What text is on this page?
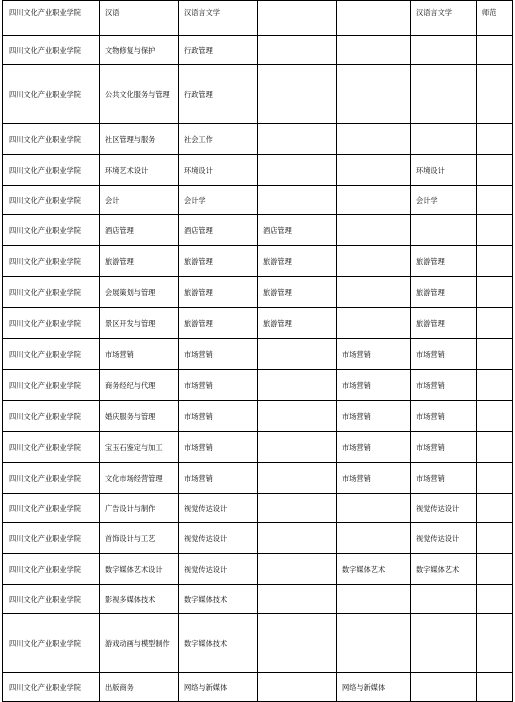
四川文化产业职业学院	汉语	汉语言文学			汉语言文学	师范
四川文化产业职业学院	文物修复与保护	行政管理				
四川文化产业职业学院	公共文化服务与管理	行政管理				
四川文化产业职业学院	社区管理与服务	社会工作				
四川文化产业职业学院	环境艺术设计	环境设计			环境设计	
四川文化产业职业学院	会计	会计学			会计学	
四川文化产业职业学院	酒店管理	酒店管理	酒店管理			
四川文化产业职业学院	旅游管理	旅游管理	旅游管理		旅游管理	
四川文化产业职业学院	会展策划与管理	旅游管理	旅游管理		旅游管理	
四川文化产业职业学院	景区开发与管理	旅游管理	旅游管理		旅游管理	
四川文化产业职业学院	市场营销	市场营销		市场营销	市场营销	
四川文化产业职业学院	商务经纪与代理	市场营销		市场营销	市场营销	
四川文化产业职业学院	婚庆服务与管理	市场营销		市场营销	市场营销	
四川文化产业职业学院	宝玉石鉴定与加工	市场营销		市场营销	市场营销	
四川文化产业职业学院	文化市场经营管理	市场营销		市场营销	市场营销	
四川文化产业职业学院	广告设计与制作	视觉传达设计			视觉传达设计	
四川文化产业职业学院	首饰设计与工艺	视觉传达设计			视觉传达设计	
四川文化产业职业学院	数字媒体艺术设计	视觉传达设计		数字媒体艺术	数字媒体艺术	
四川文化产业职业学院	影视多媒体技术	数字媒体技术				
四川文化产业职业学院	游戏动画与模型制作	数字媒体技术				
四川文化产业职业学院	出版商务	网络与新媒体		网络与新媒体		
